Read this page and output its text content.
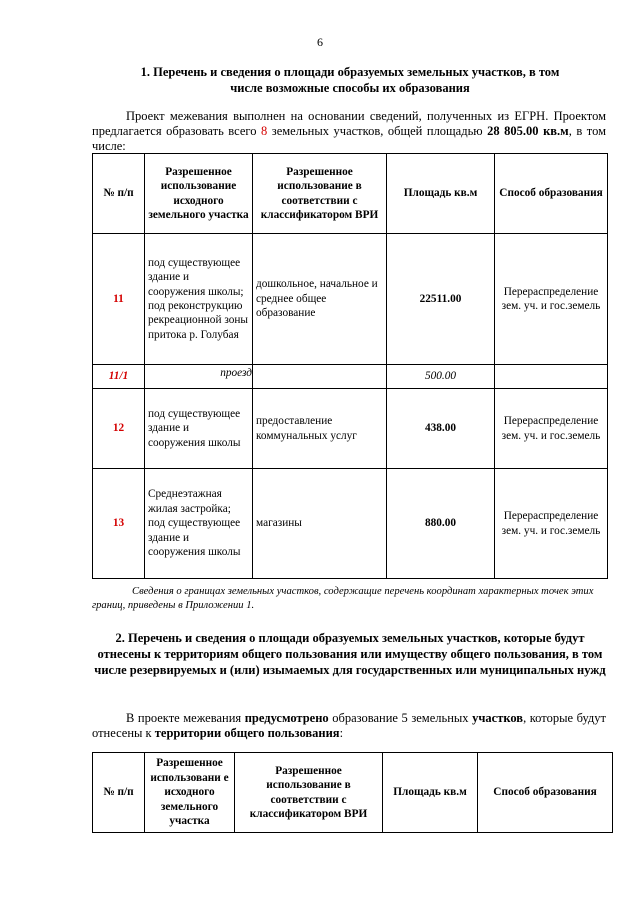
6
1. Перечень и сведения о площади образуемых земельных участков, в том
числе возможные способы их образования

Проект межевания выполнен на основании сведений, полученных из ЕГРН. Проектом предлагается образовать всего 8 земельных участков, общей площадью 28 805.00 кв.м, в том числе:

№ п/п	Разрешенное использование исходного земельного участка	Разрешенное использование в соответствии с классификатором ВРИ	Площадь кв.м	Способ образования
11	под существующее здание и сооружения школы; под реконструкцию рекреационной зоны притока р. Голубая	дошкольное, начальное и среднее общее образование	22511.00	Перераспределение зем. уч. и гос.земель
11/1	проезд		500.00	
12	под существующее здание и сооружения школы	предоставление коммунальных услуг	438.00	Перераспределение зем. уч. и гос.земель
13	Среднеэтажная жилая застройка; под существующее здание и сооружения школы	магазины	880.00	Перераспределение зем. уч. и гос.земель

Сведения о границах земельных участков, содержащие перечень координат характерных точек этих границ, приведены в Приложении 1.

2. Перечень и сведения о площади образуемых земельных участков, которые будут отнесены к территориям общего пользования или имуществу общего пользования, в том числе резервируемых и (или) изымаемых для государственных или муниципальных нужд

В проекте межевания предусмотрено образование 5 земельных участков, которые будут отнесены к территории общего пользования:

№ п/п	Разрешенное использовани е исходного земельного участка	Разрешенное использование в соответствии с классификатором ВРИ	Площадь кв.м	Способ образования
